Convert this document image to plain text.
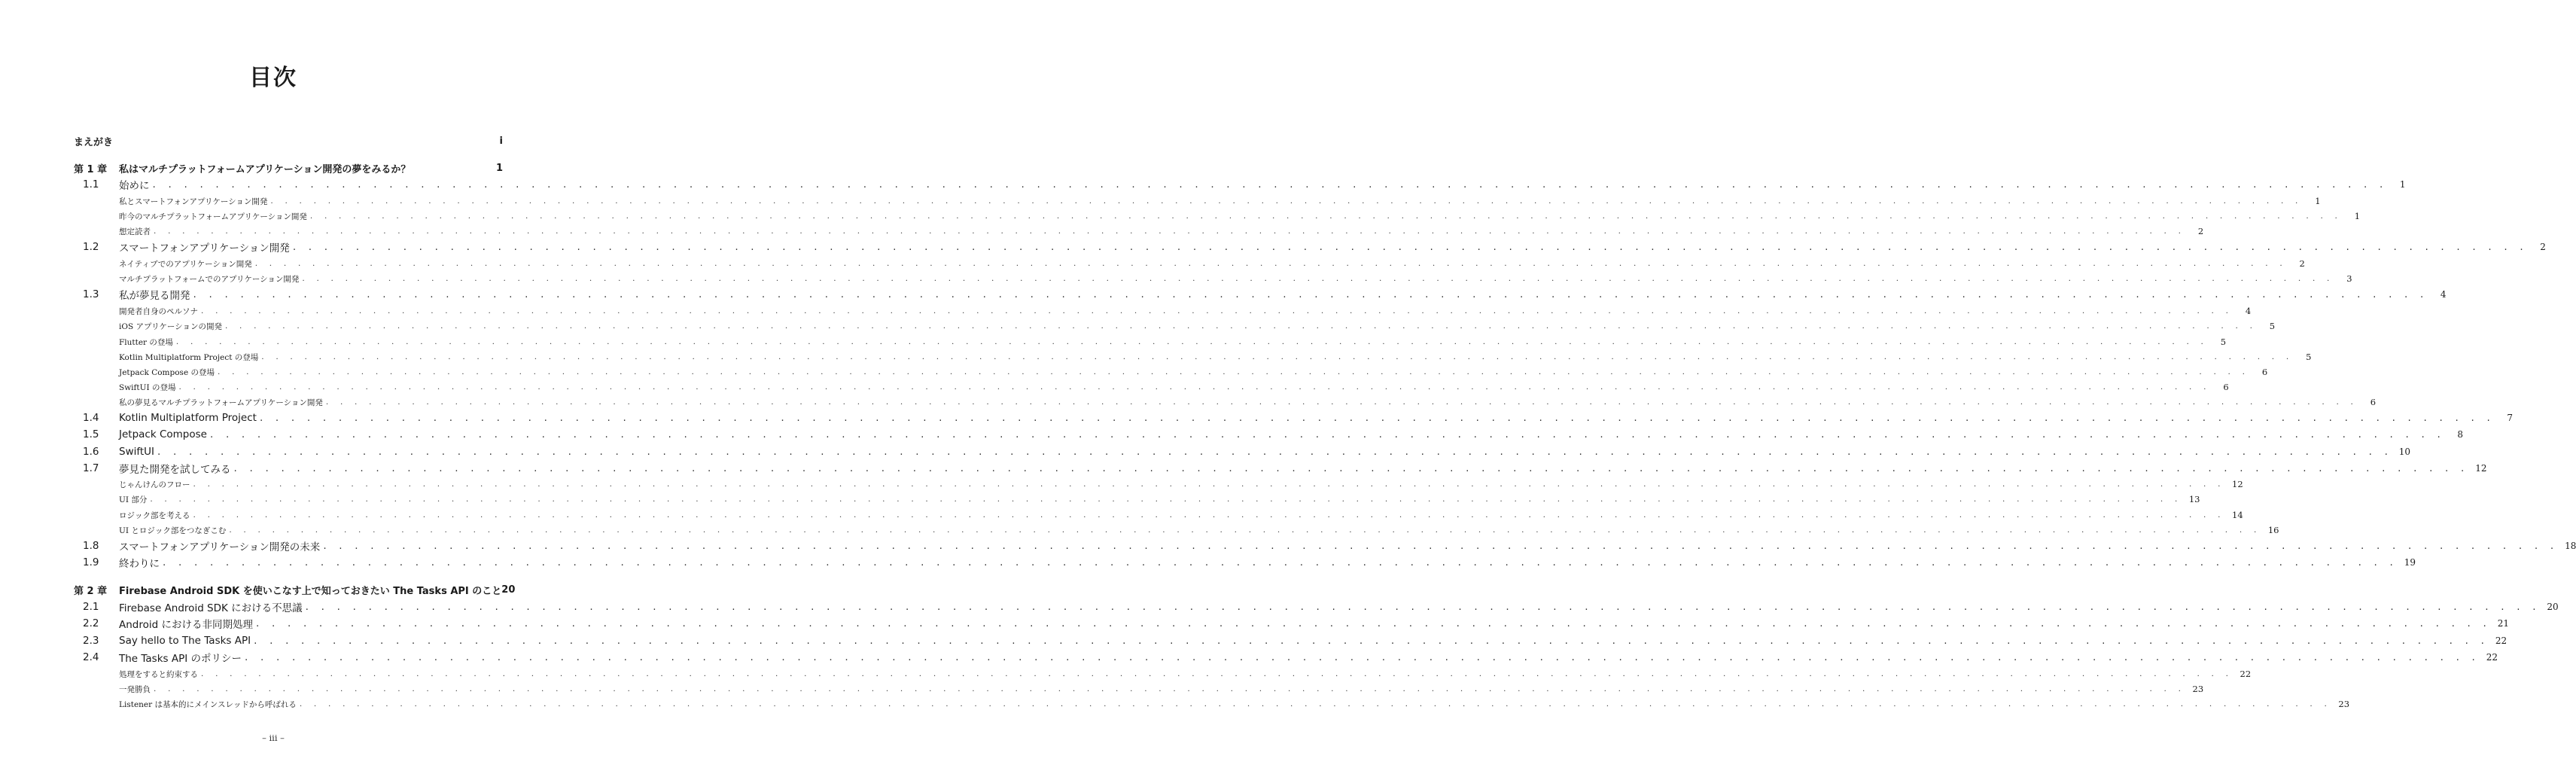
目次
まえがき	i
第 1 章	私はマルチプラットフォームアプリケーション開発の夢をみるか？	1
1.1	始めに . . .	1
私とスマートフォンアプリケーション開発 . . .	1
昨今のマルチプラットフォームアプリケーション開発 . . .	1
想定読者 . . .	2
1.2	スマートフォンアプリケーション開発 . . .	2
ネイティブでのアプリケーション開発 . . .	2
マルチプラットフォームでのアプリケーション開発 . . .	3
1.3	私が夢見る開発 . . .	4
開発者自身のペルソナ . . .	4
iOS アプリケーションの開発 . . .	5
Flutter の登場 . . .	5
Kotlin Multiplatform Project の登場 . . .	5
Jetpack Compose の登場 . . .	6
SwiftUI の登場 . . .	6
私の夢見るマルチプラットフォームアプリケーション開発 . . .	6
1.4	Kotlin Multiplatform Project . . .	7
1.5	Jetpack Compose . . .	8
1.6	SwiftUI . . .	10
1.7	夢見た開発を試してみる . . .	12
じゃんけんのフロー . . .	12
UI 部分 . . .	13
ロジック部を考える . . .	14
UI とロジック部をつなぎこむ . . .	16
1.8	スマートフォンアプリケーション開発の未来 . . .	18
1.9	終わりに . . .	19
第 2 章	Firebase Android SDK を使いこなす上で知っておきたい The Tasks API のこと 20
2.1	Firebase Android SDK における不思議 . . .	20
2.2	Android における非同期処理 . . .	21
2.3	Say hello to The Tasks API . . .	22
2.4	The Tasks API のポリシー . . .	22
処理をすると約束する . . .	22
一発勝負 . . .	23
Listener は基本的にメインスレッドから呼ばれる . . .	23
– iii –
